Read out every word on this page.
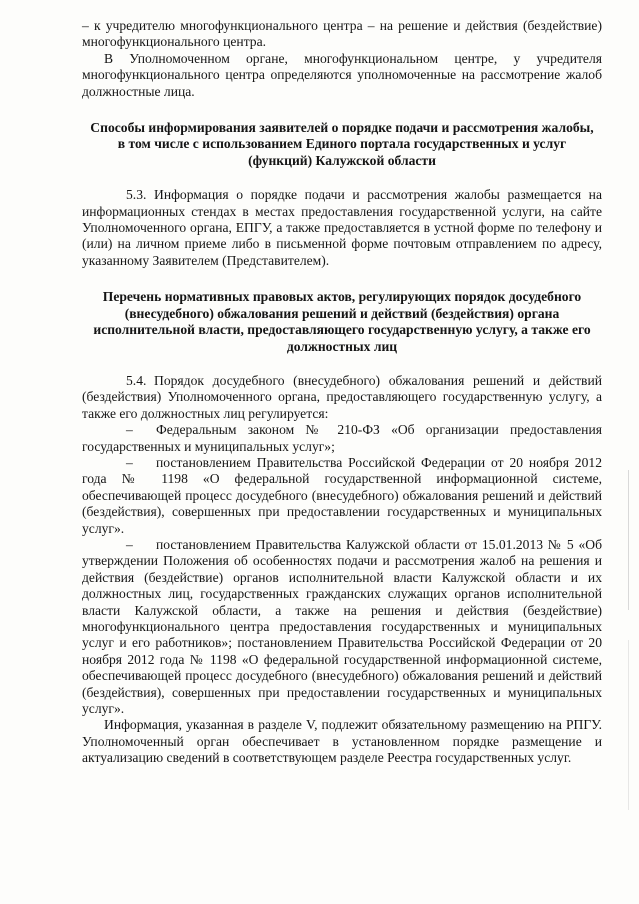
– к учредителю многофункционального центра – на решение и действия (бездействие) многофункционального центра.

В Уполномоченном органе, многофункциональном центре, у учредителя многофункционального центра определяются уполномоченные на рассмотрение жалоб должностные лица.

Способы информирования заявителей о порядке подачи и рассмотрения жалобы, в том числе с использованием Единого портала государственных и услуг (функций) Калужской области

5.3. Информация о порядке подачи и рассмотрения жалобы размещается на информационных стендах в местах предоставления государственной услуги, на сайте Уполномоченного органа, ЕПГУ, а также предоставляется в устной форме по телефону и (или) на личном приеме либо в письменной форме почтовым отправлением по адресу, указанному Заявителем (Представителем).

Перечень нормативных правовых актов, регулирующих порядок досудебного (внесудебного) обжалования решений и действий (бездействия) органа исполнительной власти, предоставляющего государственную услугу, а также его должностных лиц

5.4. Порядок досудебного (внесудебного) обжалования решений и действий (бездействия) Уполномоченного органа, предоставляющего государственную услугу, а также его должностных лиц регулируется:

– Федеральным законом № 210-ФЗ «Об организации предоставления государственных и муниципальных услуг»;

– постановлением Правительства Российской Федерации от 20 ноября 2012 года № 1198 «О федеральной государственной информационной системе, обеспечивающей процесс досудебного (внесудебного) обжалования решений и действий (бездействия), совершенных при предоставлении государственных и муниципальных услуг».

– постановлением Правительства Калужской области от 15.01.2013 № 5 «Об утверждении Положения об особенностях подачи и рассмотрения жалоб на решения и действия (бездействие) органов исполнительной власти Калужской области и их должностных лиц, государственных гражданских служащих органов исполнительной власти Калужской области, а также на решения и действия (бездействие) многофункционального центра предоставления государственных и муниципальных услуг и его работников»; постановлением Правительства Российской Федерации от 20 ноября 2012 года № 1198 «О федеральной государственной информационной системе, обеспечивающей процесс досудебного (внесудебного) обжалования решений и действий (бездействия), совершенных при предоставлении государственных и муниципальных услуг».

Информация, указанная в разделе V, подлежит обязательному размещению на РПГУ. Уполномоченный орган обеспечивает в установленном порядке размещение и актуализацию сведений в соответствующем разделе Реестра государственных услуг.
